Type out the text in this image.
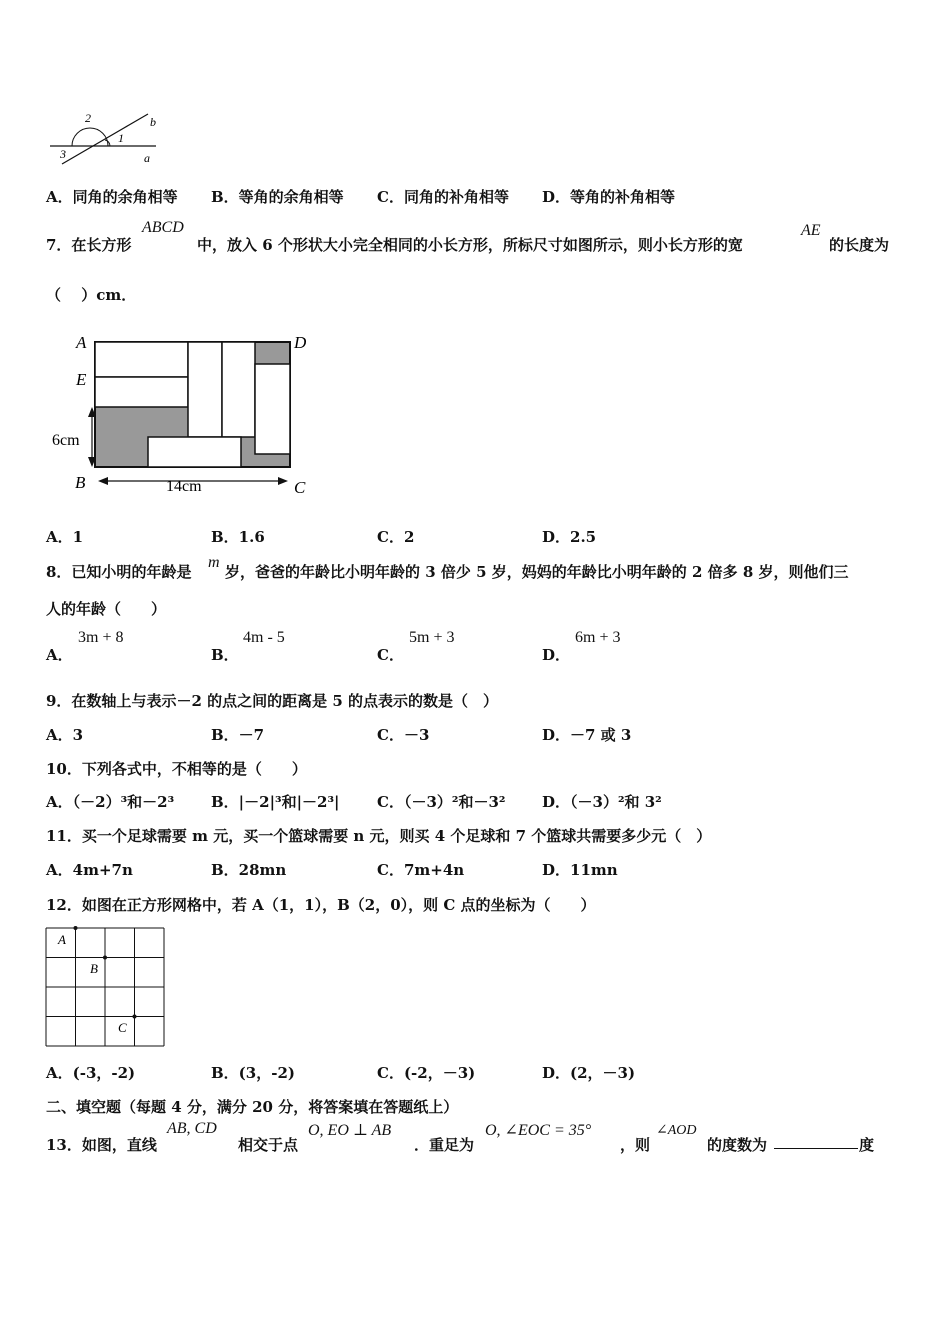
2
1
3
b
a
A．同角的余角相等 B．等角的余角相等 C．同角的补角相等 D．等角的补角相等
7．在长方形
ABCD
中，放入 6 个形状大小完全相同的小长方形，所标尺寸如图所示，则小长方形的宽
AE
的长度为
（　 ）cm．
A	D
E
B	C
6cm
14cm
A．1	B．1.6	C．2	D．2.5
8．已知小明的年龄是
m
岁，爸爸的年龄比小明年龄的 3 倍少 5 岁，妈妈的年龄比小明年龄的 2 倍多 8 岁，则他们三
人的年龄（　　）
A．
3m + 8
B．
4m - 5
C．
5m + 3
D．
6m + 3
9．在数轴上与表示－2 的点之间的距离是 5 的点表示的数是（　）
A．3	B．－7	C．－3	D．－7 或 3
10．下列各式中，不相等的是（　　）
A．（－2）³和－2³ B．|－2|³和|－2³| C．（－3）²和－3² D．（－3）²和 3²
11．买一个足球需要 m 元，买一个篮球需要 n 元，则买 4 个足球和 7 个篮球共需要多少元（　）
A．4m+7n	B．28mn	C．7m+4n	D．11mn
12．如图在正方形网格中，若 A（1，1），B（2，0），则 C 点的坐标为（　　）
A
B
C
A．(-3，-2)	B．(3，-2)	C．(-2，－3)	D．(2，－3)
二、填空题（每题 4 分，满分 20 分，将答案填在答题纸上）
13．如图，直线
AB, CD
相交于点
O, EO ⊥ AB
．重足为
O, ∠EOC = 35°
，则
∠AOD
的度数为	度
